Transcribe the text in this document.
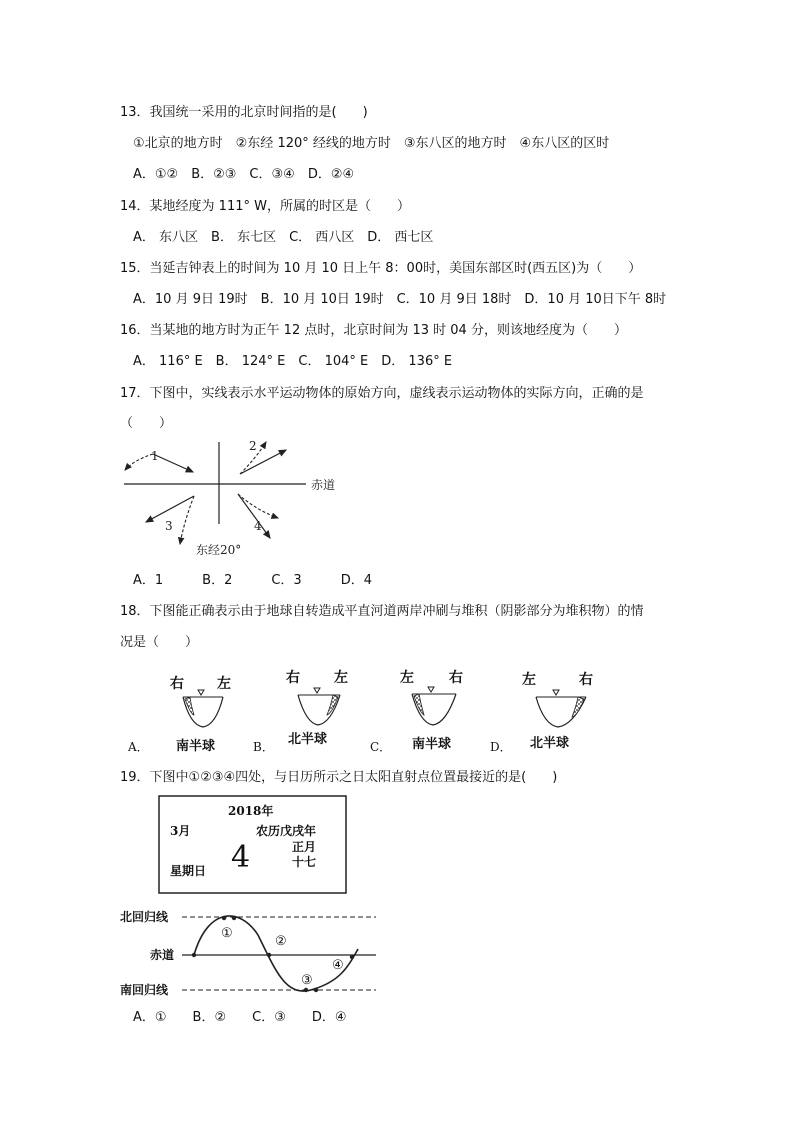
13．我国统一采用的北京时间指的是(　　)
①北京的地方时　②东经 120° 经线的地方时　③东八区的地方时　④东八区的区时
A．①②　B．②③　C．③④　D．②④
14．某地经度为 111° W，所属的时区是（　　）
A． 东八区　B． 东七区　C． 西八区　D． 西七区
15．当延吉钟表上的时间为 10 月 10 日上午 8：00时，美国东部区时(西五区)为（　　）
A．10 月 9日 19时　B．10 月 10日 19时　C．10 月 9日 18时　D．10 月 10日下午 8时
16．当某地的地方时为正午 12 点时，北京时间为 13 时 04 分，则该地经度为（　　）
A． 116° E　B． 124° E　C． 104° E　D． 136° E
17．下图中，实线表示水平运动物体的原始方向，虚线表示运动物体的实际方向，正确的是
（　　）
赤道
东经20°
1
2
3	4
A．1　　　B．2　　　C．3　　　D．4
18．下图能正确表示由于地球自转造成平直河道两岸冲刷与堆积（阴影部分为堆积物）的情
况是（　　）
A．
右 左
南半球	B．
右 左
北半球	C．
左	右
南半球	D．
左	右
北半球
19．下图中①②③④四处，与日历所示之日太阳直射点位置最接近的是(　　)
2018年
3月	农历戊戌年
4	正月
十七
星期日
北回归线
赤道
南回归线
①
②
③
④
A．①　　B．②　　C．③　　D．④
